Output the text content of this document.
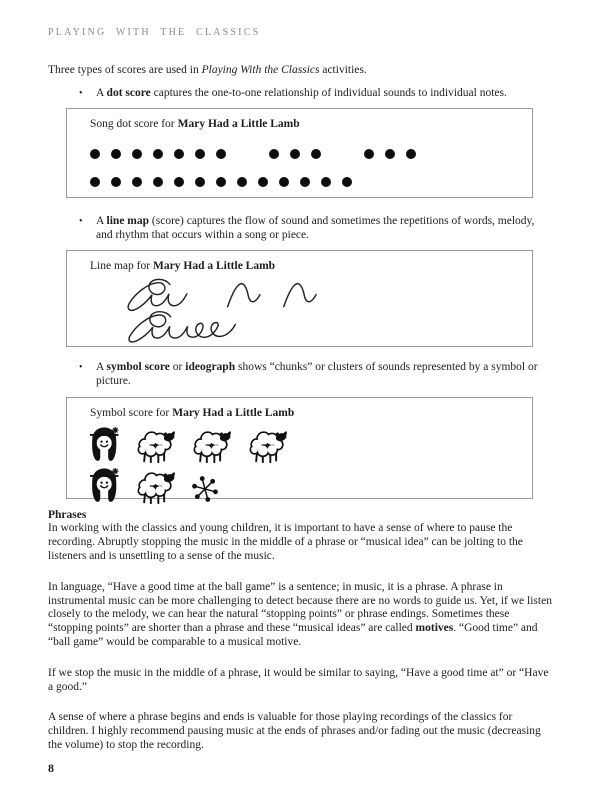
PLAYING WITH THE CLASSICS

Three types of scores are used in Playing With the Classics activities.

•	A dot score captures the one-to-one relationship of individual sounds to individual notes.
Song dot score for Mary Had a Little Lamb
•	A line map (score) captures the flow of sound and sometimes the repetitions of words, melody, and rhythm that occurs within a song or piece.
Line map for Mary Had a Little Lamb
•	A symbol score or ideograph shows “chunks” or clusters of sounds represented by a symbol or picture.
Symbol score for Mary Had a Little Lamb
Phrases

In working with the classics and young children, it is important to have a sense of where to pause the recording. Abruptly stopping the music in the middle of a phrase or “musical idea” can be jolting to the listeners and is unsettling to a sense of the music.

In language, “Have a good time at the ball game” is a sentence; in music, it is a phrase. A phrase in instrumental music can be more challenging to detect because there are no words to guide us. Yet, if we listen closely to the melody, we can hear the natural “stopping points” or phrase endings. Sometimes these “stopping points” are shorter than a phrase and these “musical ideas” are called motives. “Good time” and “ball game” would be comparable to a musical motive.

If we stop the music in the middle of a phrase, it would be similar to saying, “Have a good time at” or “Have a good.”

A sense of where a phrase begins and ends is valuable for those playing recordings of the classics for children. I highly recommend pausing music at the ends of phrases and/or fading out the music (decreasing the volume) to stop the recording.

8
